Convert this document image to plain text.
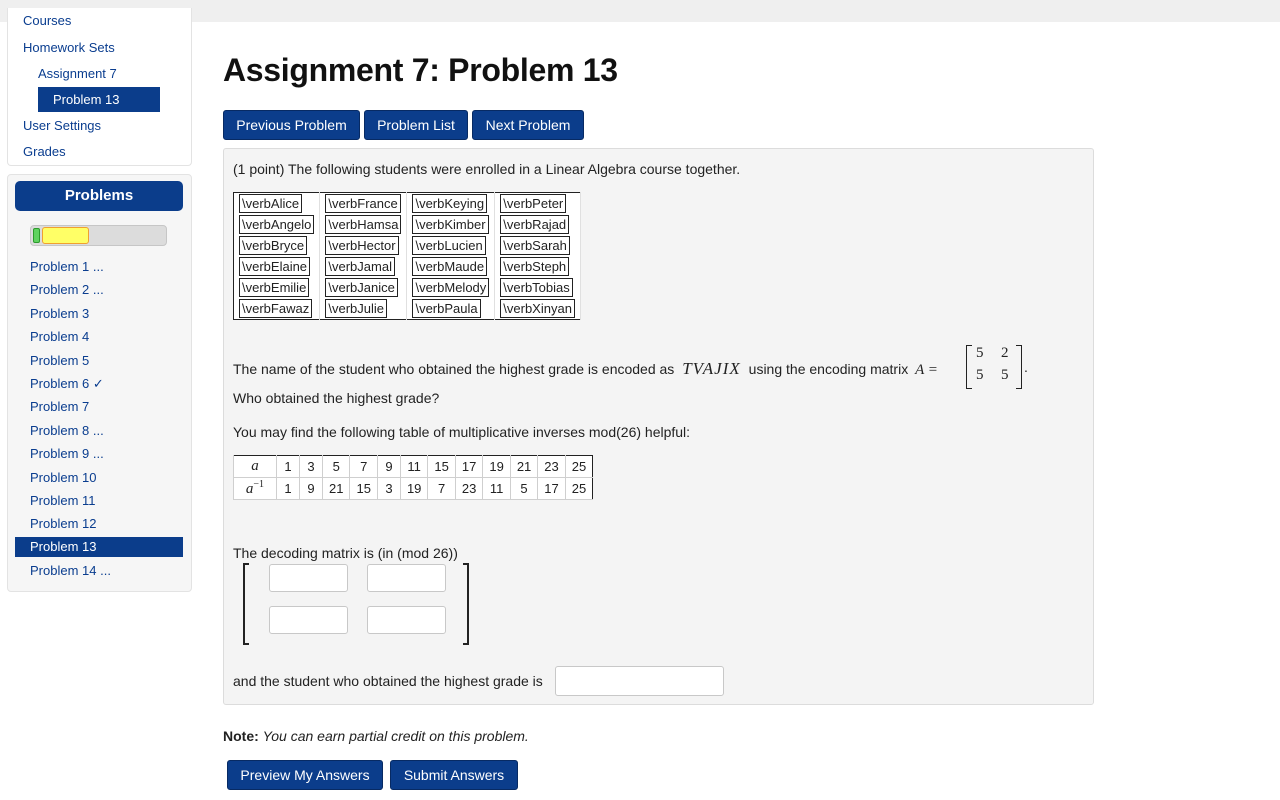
Courses
Homework Sets
Assignment 7
Problem 13
User Settings
Grades
Problems
Problem 1 ...
Problem 2 ...
Problem 3
Problem 4
Problem 5
Problem 6 ✓
Problem 7
Problem 8 ...
Problem 9 ...
Problem 10
Problem 11
Problem 12
Problem 13
Problem 14 ...
Assignment 7: Problem 13
Previous Problem	Problem List	Next Problem
(1 point) The following students were enrolled in a Linear Algebra course together.
\verbAlice	\verbFrance	\verbKeying	\verbPeter
\verbAngelo	\verbHamsa	\verbKimber	\verbRajad
\verbBryce	\verbHector	\verbLucien	\verbSarah
\verbElaine	\verbJamal	\verbMaude	\verbSteph
\verbEmilie	\verbJanice	\verbMelody	\verbTobias
\verbFawaz	\verbJulie	\verbPaula	\verbXinyan
The name of the student who obtained the highest grade is encoded as TVAJIX using the encoding matrix A =
5 2
5 5 .
Who obtained the highest grade?
You may find the following table of multiplicative inverses mod(26) helpful:
a	1	3	5	7	9	11	15	17	19	21	23	25
$a^{-1}$	1	9	21	15	3	19	7	23	11	5	17	25
The decoding matrix is (in (mod 26))
and the student who obtained the highest grade is
Note: You can earn partial credit on this problem.
Preview My Answers	Submit Answers
